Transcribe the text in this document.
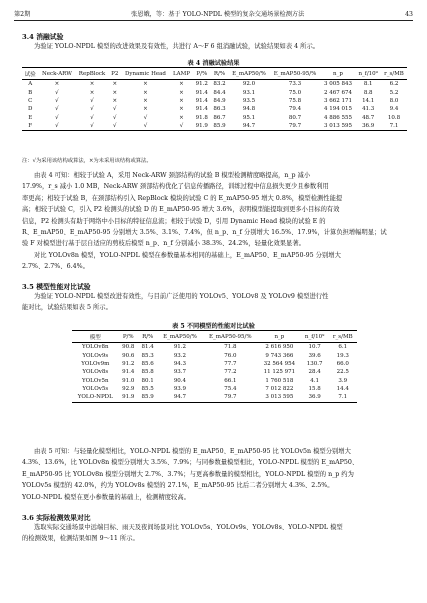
第2期	张恩娥，等：基于 YOLO-NPDL 模型的复杂交通场景检测方法	43
3.4 消融试验

为验证 YOLO-NPDL 模型的改进效果及有效性，共进行 A～F 6 组消融试验，试验结果如表 4 所示。

表 4 消融试验结果
试验	Neck-ARW	RepBlock	P2	Dynamic Head	LAMP	P/%	R/%	E_mAP50/%	E_mAP50-95/%	n_p	n_f/10⁹	r_s/MB
A	×	×	×	×	×	91.2	83.2	92.0	73.3	3 005 843	8.1	6.2
B	√	×	×	×	×	91.4	84.4	93.1	75.0	2 467 674	8.8	5.2
C	√	√	×	×	×	91.4	84.9	93.5	75.8	3 662 171	14.1	8.0
D	√	√	√	×	×	91.4	86.3	94.8	79.4	4 194 015	41.3	9.4
E	√	√	√	√	×	91.8	86.7	95.1	80.7	4 886 555	48.7	10.8
F	√	√	√	√	√	91.9	85.9	94.7	79.7	3 013 595	36.9	7.1
注：√为采用该结构或算法，×为未采用该结构或算法。
由表 4 可知：相较于试验 A，采用 Neck-ARW 颈部结构的试验 B 模型检测精度略提高，n_p 减小
17.9%，r_s 减小 1.0 MB，Neck-ARW 颈部结构优化了信息传播路径，训练过程中信息损失更少且参数利用
率更高；相较于试验 B，在颈部结构引入 RepBlock 模块的试验 C 的 E_mAP50-95 增大 0.8%，模型检测性能提
高；相较于试验 C，引入 P2 检测头的试验 D 的 E_mAP50-95 增大 3.6%，表明模型能提取到更多小目标的有效
信息，P2 检测头有助于网络中小目标的特征信息流；相较于试验 D，引用 Dynamic Head 模块的试验 E 的
R、E_mAP50、E_mAP50-95 分别增大 3.5%、3.1%、7.4%，但 n_p、n_f 分别增大 16.5%、17.9%，计算负担增幅明显；试
验 F 对模型进行基于层自适应的剪枝后模型 n_p、n_f 分别减小 38.3%、24.2%，轻量化效果显著。
对比 YOLOv8n 模型，YOLO-NPDL 模型在参数量基本相同的基础上，E_mAP50、E_mAP50-95 分别增大
2.7%、2.7%、6.4%。
3.5 模型性能对比试验
为验证 YOLO-NPDL 模型改进有效性，与目前广泛使用的 YOLOv5、YOLOv8 及 YOLOv9 模型进行性
能对比，试验结果如表 5 所示。
表 5 不同模型的性能对比试验
模型	P/%	R/%	E_mAP50/%	E_mAP50-95/%	n_p	n_f/10⁹	r_s/MB
YOLOv8n	90.8	81.4	91.2	71.8	2 616 950	10.7	6.1
YOLOv9s	90.6	85.3	93.2	76.0	9 743 366	39.6	19.3
YOLOv9m	91.2	85.6	94.3	77.7	32 564 954	130.7	66.0
YOLOv8s	91.4	85.8	93.7	77.2	11 125 971	28.4	22.5
YOLOv5n	91.0	80.1	90.4	66.1	1 760 518	4.1	3.9
YOLOv5s	92.9	85.5	93.9	75.4	7 012 822	15.8	14.4
YOLO-NPDL	91.9	85.9	94.7	79.7	3 013 595	36.9	7.1
由表 5 可知：与轻量化模型相比，YOLO-NPDL 模型的 E_mAP50、E_mAP50-95 比 YOLOv5n 模型分别增大
4.3%、13.6%，比 YOLOv8n 模型分别增大 3.5%、7.9%；与同参数量模型相比，YOLO-NPDL 模型的 E_mAP50、
E_mAP50-95 比 YOLOv8n 模型分别增大 2.7%、3.7%；与更高参数量的模型相比，YOLO-NPDL 模型的 n_p 约为
YOLOv5s 模型的 42.0%，约为 YOLOv8s 模型的 27.1%，E_mAP50-95 比后二者分别增大 4.3%、2.5%。
YOLO-NPDL 模型在更小参数量的基础上，检测精度较高。
3.6 实际检测效果对比
选取实际交通场景中远端目标、雨天及夜间场景对比 YOLOv5s、YOLOv9s、YOLOv8s、YOLO-NPDL 模型
的检测效果，检测结果如图 9～11 所示。
